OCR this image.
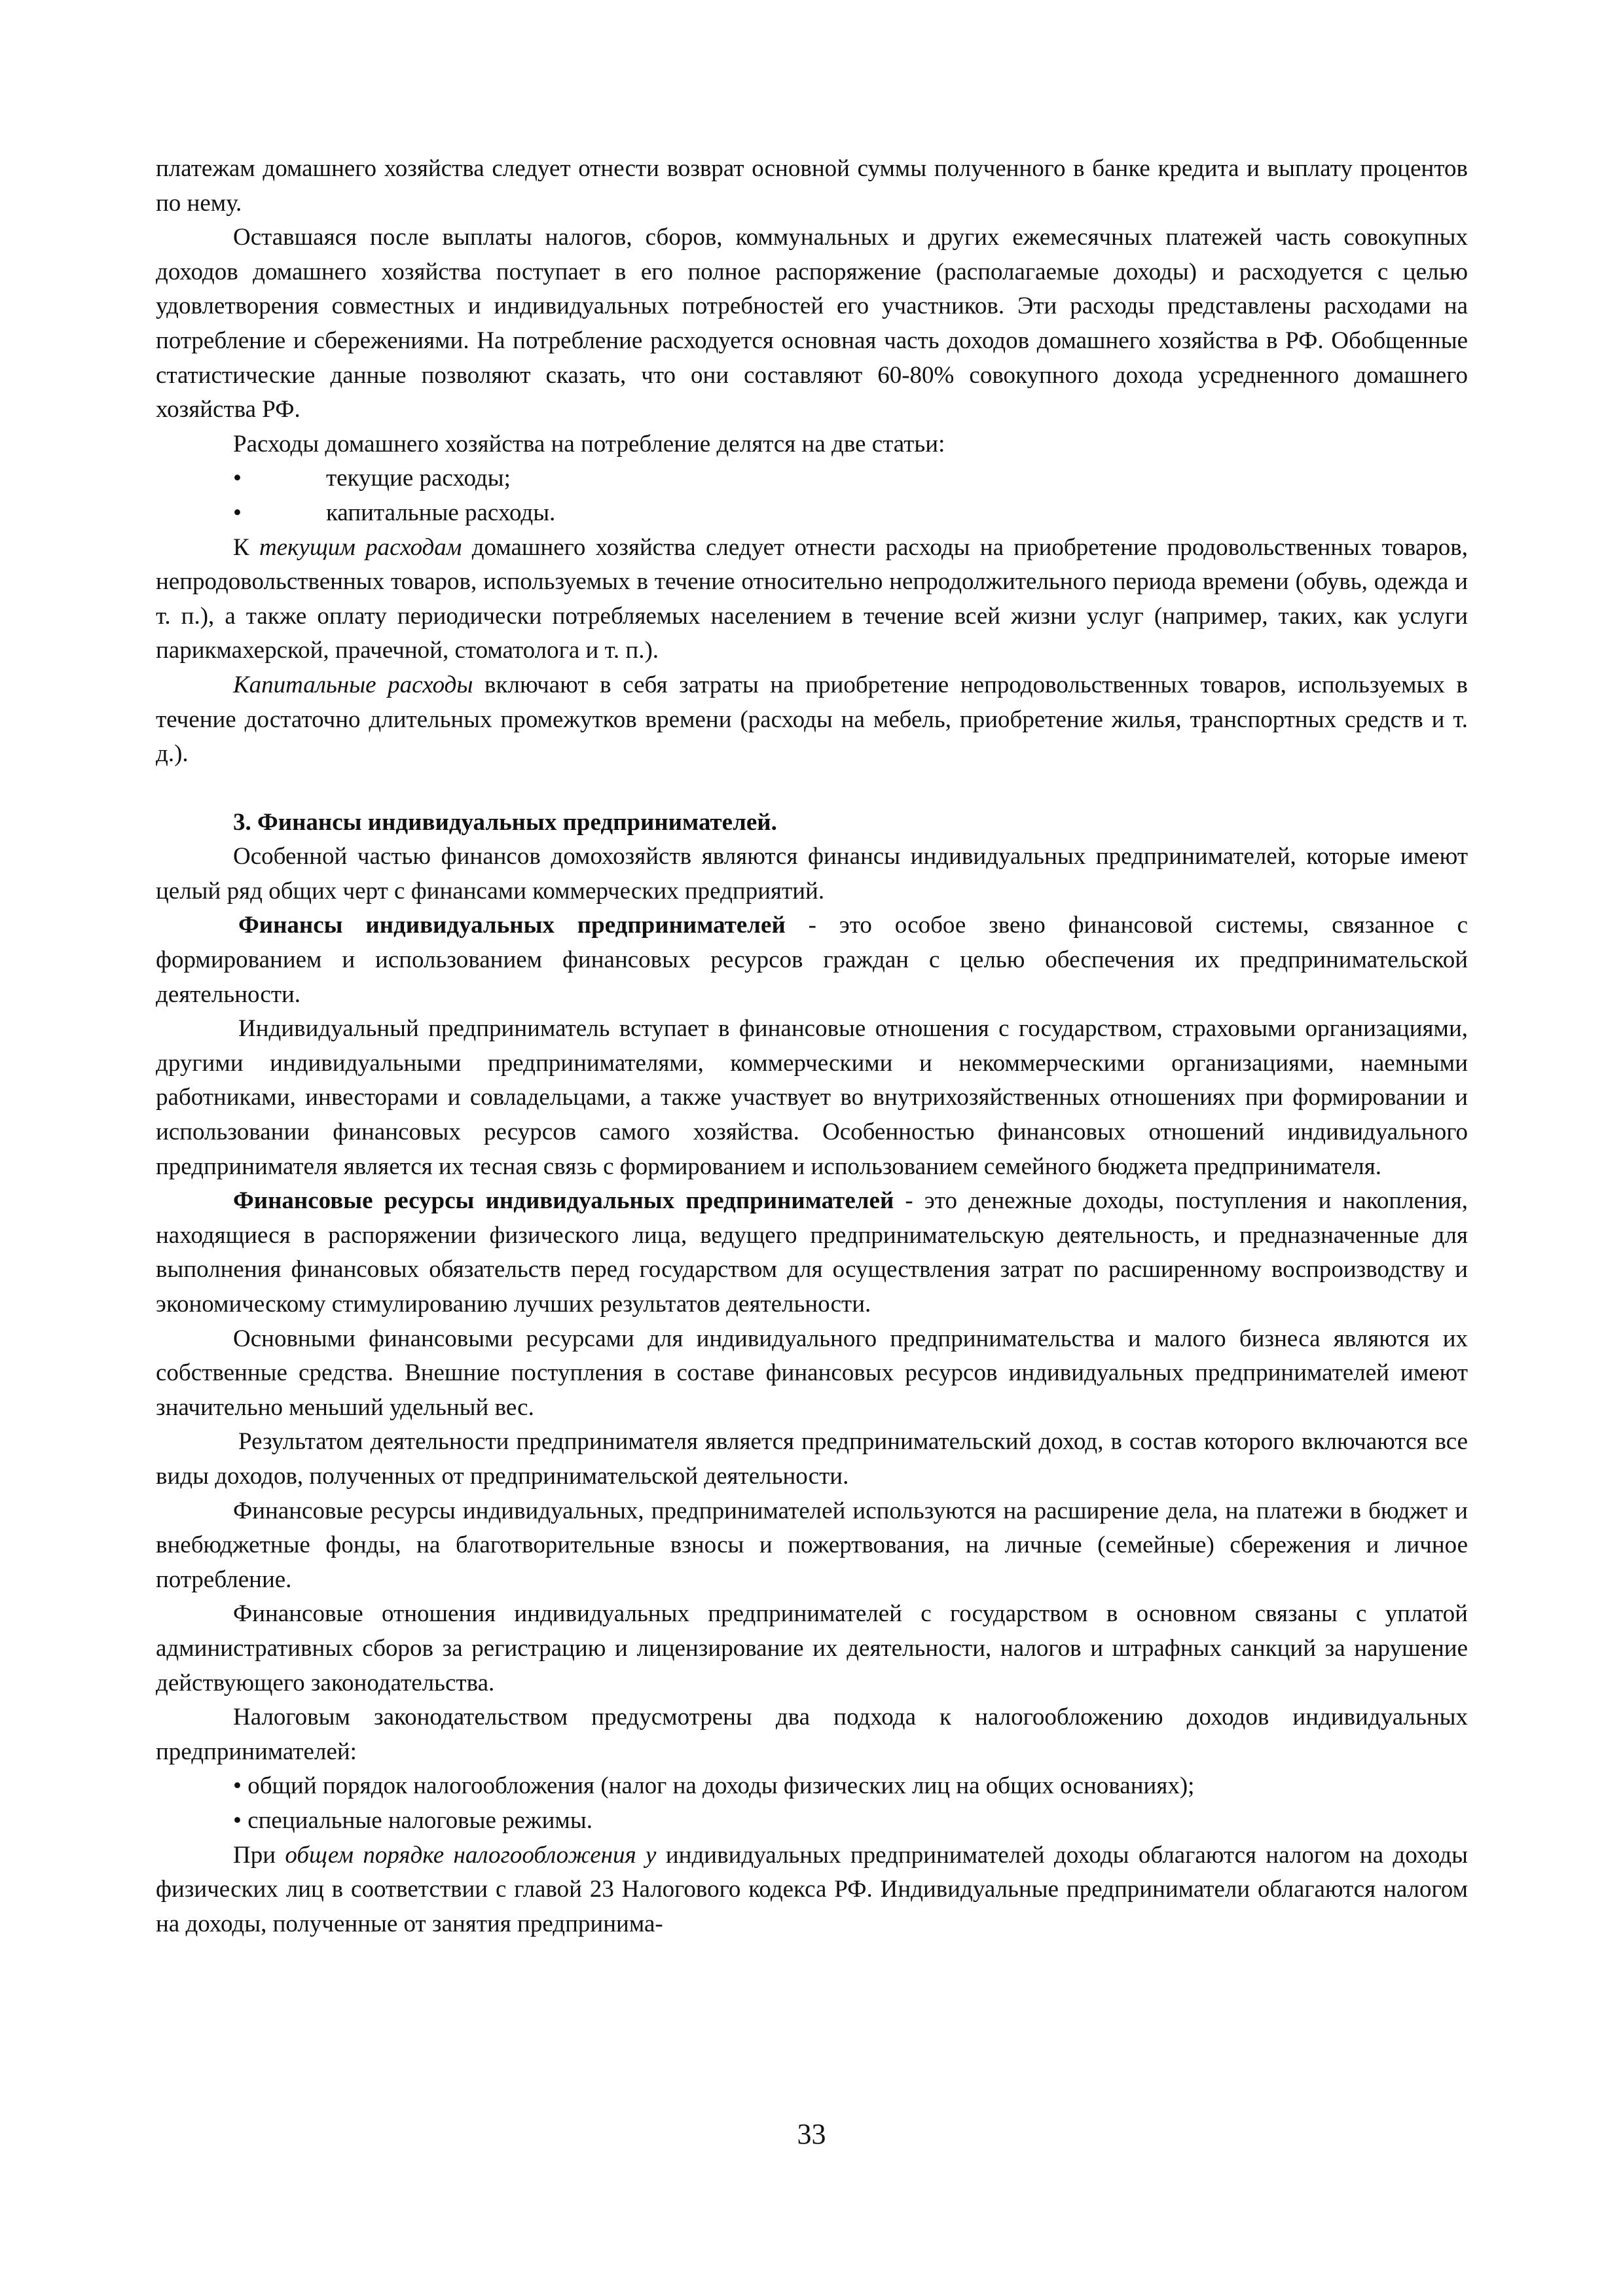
платежам домашнего хозяйства следует отнести возврат основной суммы полученного в банке кредита и выплату процентов по нему.

Оставшаяся после выплаты налогов, сборов, коммунальных и других ежемесячных платежей часть совокупных доходов домашнего хозяйства поступает в его полное распоряжение (располагаемые доходы) и расходуется с целью удовлетворения совместных и индивидуальных потребностей его участников. Эти расходы представлены расходами на потребление и сбережениями. На потребление расходуется основная часть доходов домашнего хозяйства в РФ. Обобщенные статистические данные позволяют сказать, что они составляют 60-80% совокупного дохода усредненного домашнего хозяйства РФ.

Расходы домашнего хозяйства на потребление делятся на две статьи:

•	текущие расходы;
•	капитальные расходы.

К текущим расходам домашнего хозяйства следует отнести расходы на приобретение продовольственных товаров, непродовольственных товаров, используемых в течение относительно непродолжительного периода времени (обувь, одежда и т. п.), а также оплату периодически потребляемых населением в течение всей жизни услуг (например, таких, как услуги парикмахерской, прачечной, стоматолога и т. п.).

Капитальные расходы включают в себя затраты на приобретение непродовольственных товаров, используемых в течение достаточно длительных промежутков времени (расходы на мебель, приобретение жилья, транспортных средств и т. д.).

3. Финансы индивидуальных предпринимателей.

Особенной частью финансов домохозяйств являются финансы индивидуальных предпринимателей, которые имеют целый ряд общих черт с финансами коммерческих предприятий.

Финансы индивидуальных предпринимателей - это особое звено финансовой системы, связанное с формированием и использованием финансовых ресурсов граждан с целью обеспечения их предпринимательской деятельности.

Индивидуальный предприниматель вступает в финансовые отношения с государством, страховыми организациями, другими индивидуальными предпринимателями, коммерческими и некоммерческими организациями, наемными работниками, инвесторами и совладельцами, а также участвует во внутрихозяйственных отношениях при формировании и использовании финансовых ресурсов самого хозяйства. Особенностью финансовых отношений индивидуального предпринимателя является их тесная связь с формированием и использованием семейного бюджета предпринимателя.

Финансовые ресурсы индивидуальных предпринимателей - это денежные доходы, поступления и накопления, находящиеся в распоряжении физического лица, ведущего предпринимательскую деятельность, и предназначенные для выполнения финансовых обязательств перед государством для осуществления затрат по расширенному воспроизводству и экономическому стимулированию лучших результатов деятельности.

Основными финансовыми ресурсами для индивидуального предпринимательства и малого бизнеса являются их собственные средства. Внешние поступления в составе финансовых ресурсов индивидуальных предпринимателей имеют значительно меньший удельный вес.

Результатом деятельности предпринимателя является предпринимательский доход, в состав которого включаются все виды доходов, полученных от предпринимательской деятельности.

Финансовые ресурсы индивидуальных, предпринимателей используются на расширение дела, на платежи в бюджет и внебюджетные фонды, на благотворительные взносы и пожертвования, на личные (семейные) сбережения и личное потребление.

Финансовые отношения индивидуальных предпринимателей с государством в основном связаны с уплатой административных сборов за регистрацию и лицензирование их деятельности, налогов и штрафных санкций за нарушение действующего законодательства.

Налоговым законодательством предусмотрены два подхода к налогообложению доходов индивидуальных предпринимателей:

• общий порядок налогообложения (налог на доходы физических лиц на общих основаниях);

• специальные налоговые режимы.

При общем порядке налогообложения у индивидуальных предпринимателей доходы облагаются налогом на доходы физических лиц в соответствии с главой 23 Налогового кодекса РФ. Индивидуальные предприниматели облагаются налогом на доходы, полученные от занятия предпринима-

33
